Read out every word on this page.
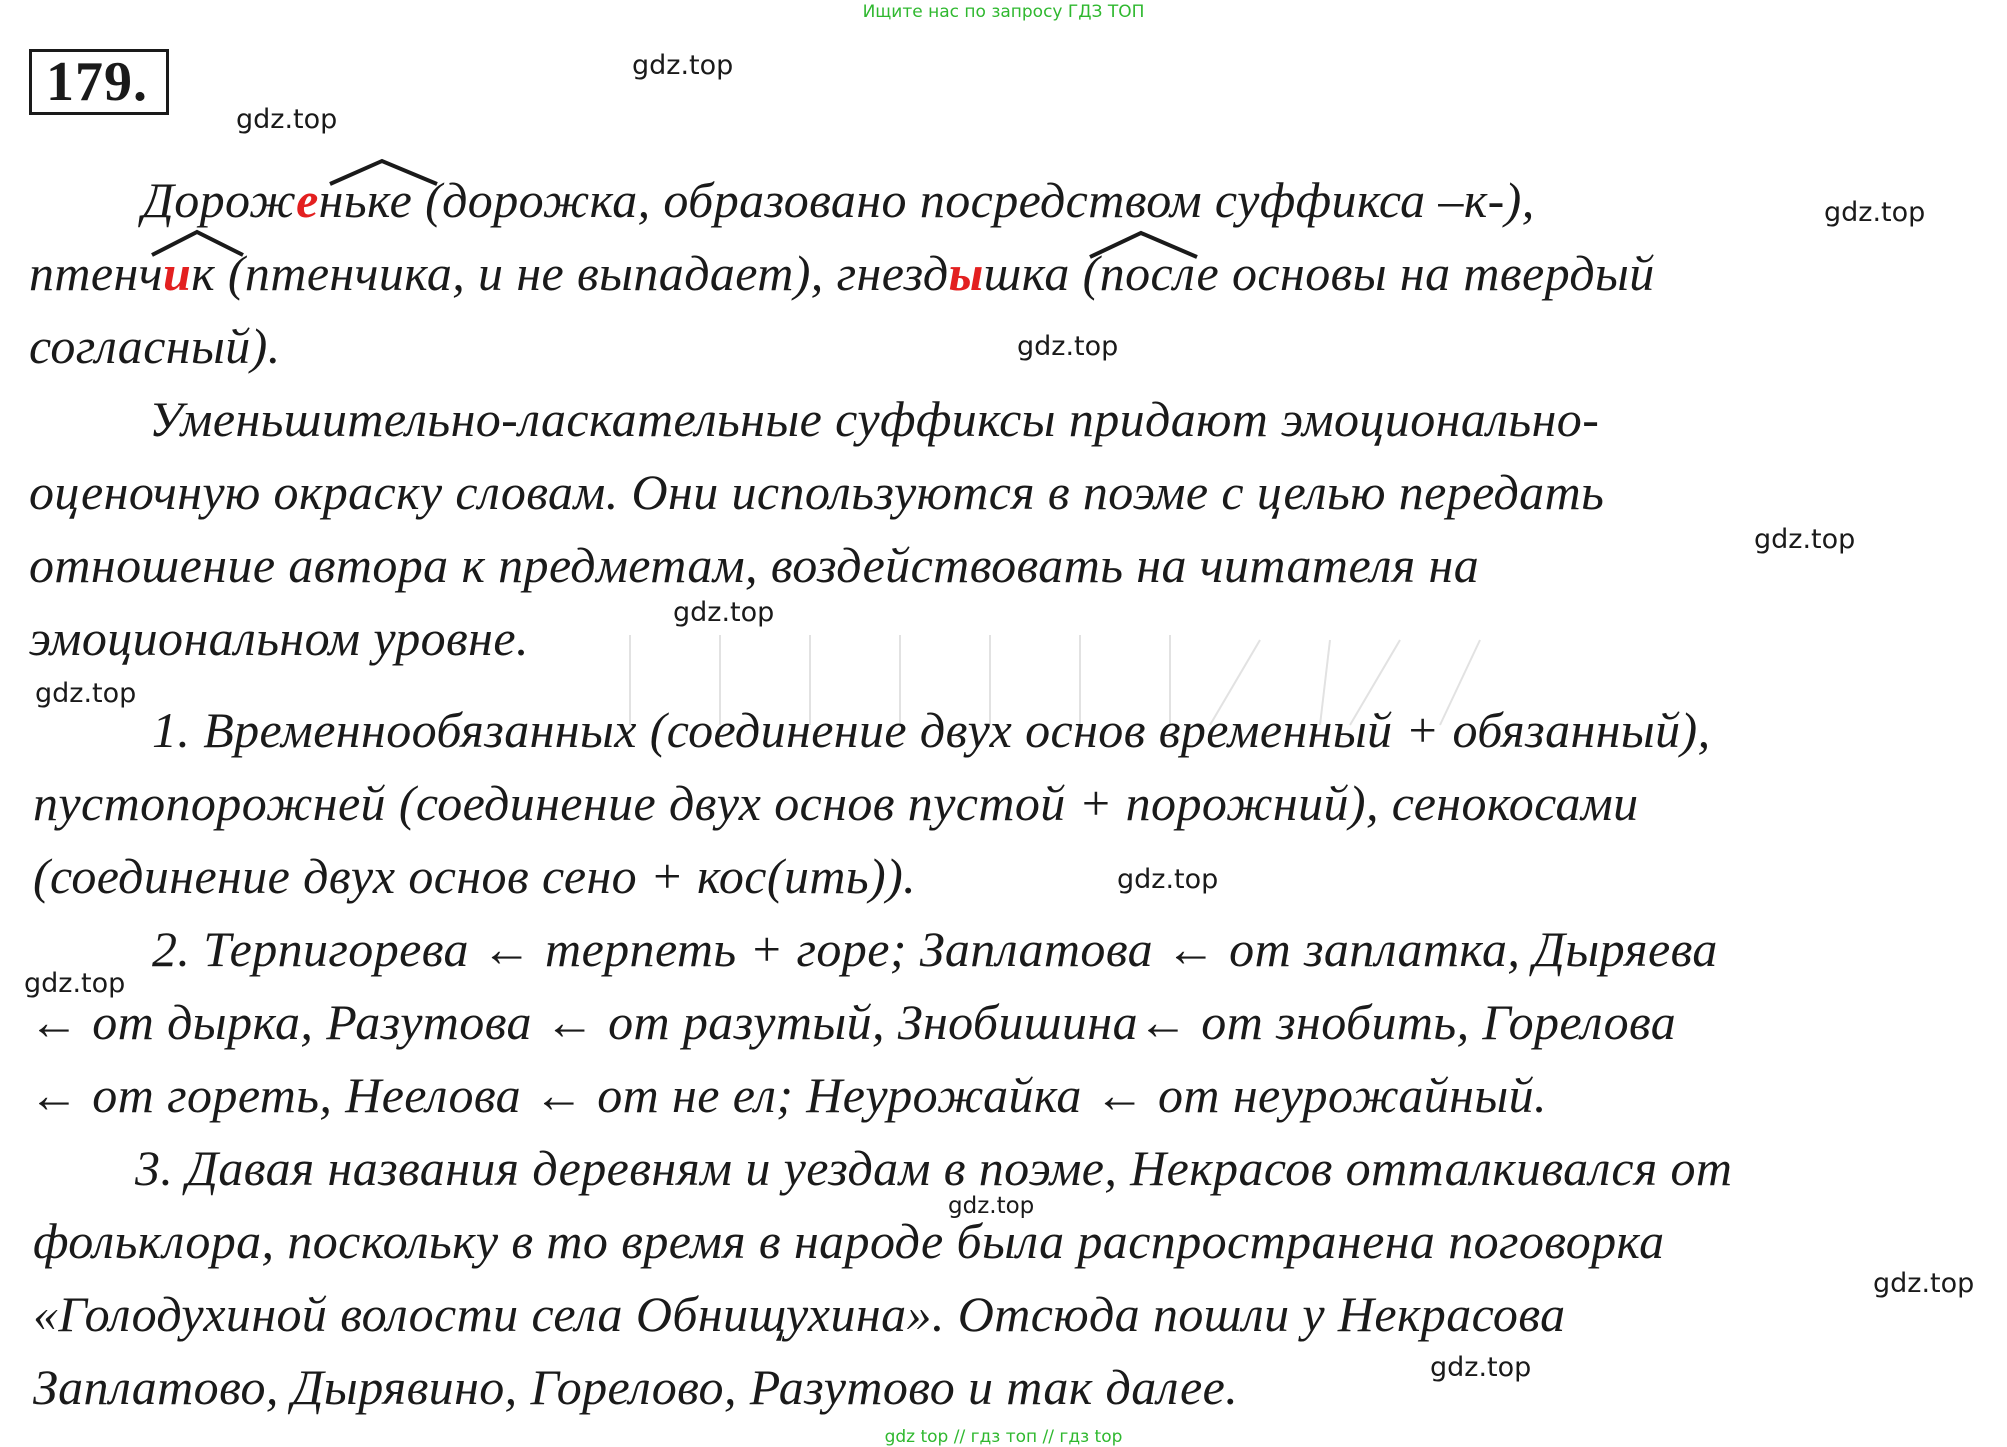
Ищите нас по запросу ГДЗ ТОП
179.
Дороженьке (дорожка, образовано посредством суффикса –к-),
птенчик (птенчика, и не выпадает), гнездышка (после основы на твердый
согласный).
Уменьшительно-ласкательные суффиксы придают эмоционально-
оценочную окраску словам. Они используются в поэме с целью передать
отношение автора к предметам, воздействовать на читателя на
эмоциональном уровне.
1. Временнообязанных (соединение двух основ временный + обязанный),
пустопорожней (соединение двух основ пустой + порожний), сенокосами
(соединение двух основ сено + кос(ить)).
2. Терпигорева ← терпеть + горе; Заплатова ← от заплатка, Дыряева
← от дырка, Разутова ← от разутый, Знобишина← от знобить, Горелова
← от гореть, Неелова ← от не ел; Неурожайка ← от неурожайный.
3. Давая названия деревням и уездам в поэме, Некрасов отталкивался от
фольклора, поскольку в то время в народе была распространена поговорка
«Голодухиной волости села Обнищухина». Отсюда пошли у Некрасова
Заплатово, Дырявино, Горелово, Разутово и так далее.
gdz.top
gdz.top
gdz.top
gdz.top
gdz.top
gdz.top
gdz.top
gdz.top
gdz.top
gdz.top
gdz.top
gdz.top
gdz top // гдз топ // гдз top
